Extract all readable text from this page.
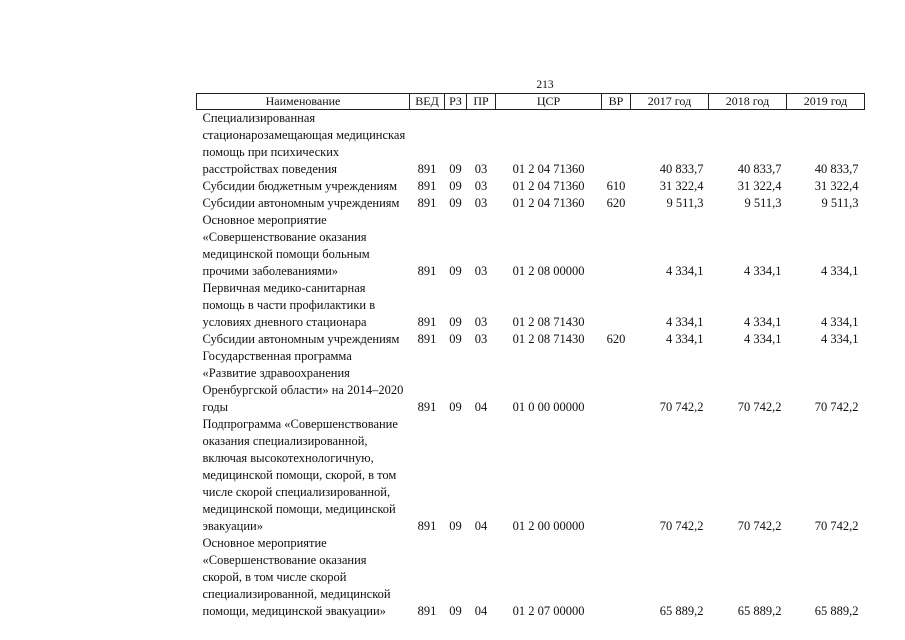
213
Наименование	ВЕД	РЗ	ПР	ЦСР	ВР	2017 год	2018 год	2019 год
Специализированная стационарозамещающая медицинская помощь при психических расстройствах поведения	891	09	03	01 2 04 71360		40 833,7	40 833,7	40 833,7
Субсидии бюджетным учреждениям	891	09	03	01 2 04 71360	610	31 322,4	31 322,4	31 322,4
Субсидии автономным учреждениям	891	09	03	01 2 04 71360	620	9 511,3	9 511,3	9 511,3
Основное мероприятие «Совершенствование оказания медицинской помощи больным прочими заболеваниями»	891	09	03	01 2 08 00000		4 334,1	4 334,1	4 334,1
Первичная медико-санитарная помощь в части профилактики в условиях дневного стационара	891	09	03	01 2 08 71430		4 334,1	4 334,1	4 334,1
Субсидии автономным учреждениям	891	09	03	01 2 08 71430	620	4 334,1	4 334,1	4 334,1
Государственная программа «Развитие здравоохранения Оренбургской области» на 2014–2020 годы	891	09	04	01 0 00 00000		70 742,2	70 742,2	70 742,2
Подпрограмма «Совершенствование оказания специализированной, включая высокотехнологичную, медицинской помощи, скорой, в том числе скорой специализированной, медицинской помощи, медицинской эвакуации»	891	09	04	01 2 00 00000		70 742,2	70 742,2	70 742,2
Основное мероприятие «Совершенствование оказания скорой, в том числе скорой специализированной, медицинской помощи, медицинской эвакуации»	891	09	04	01 2 07 00000		65 889,2	65 889,2	65 889,2
